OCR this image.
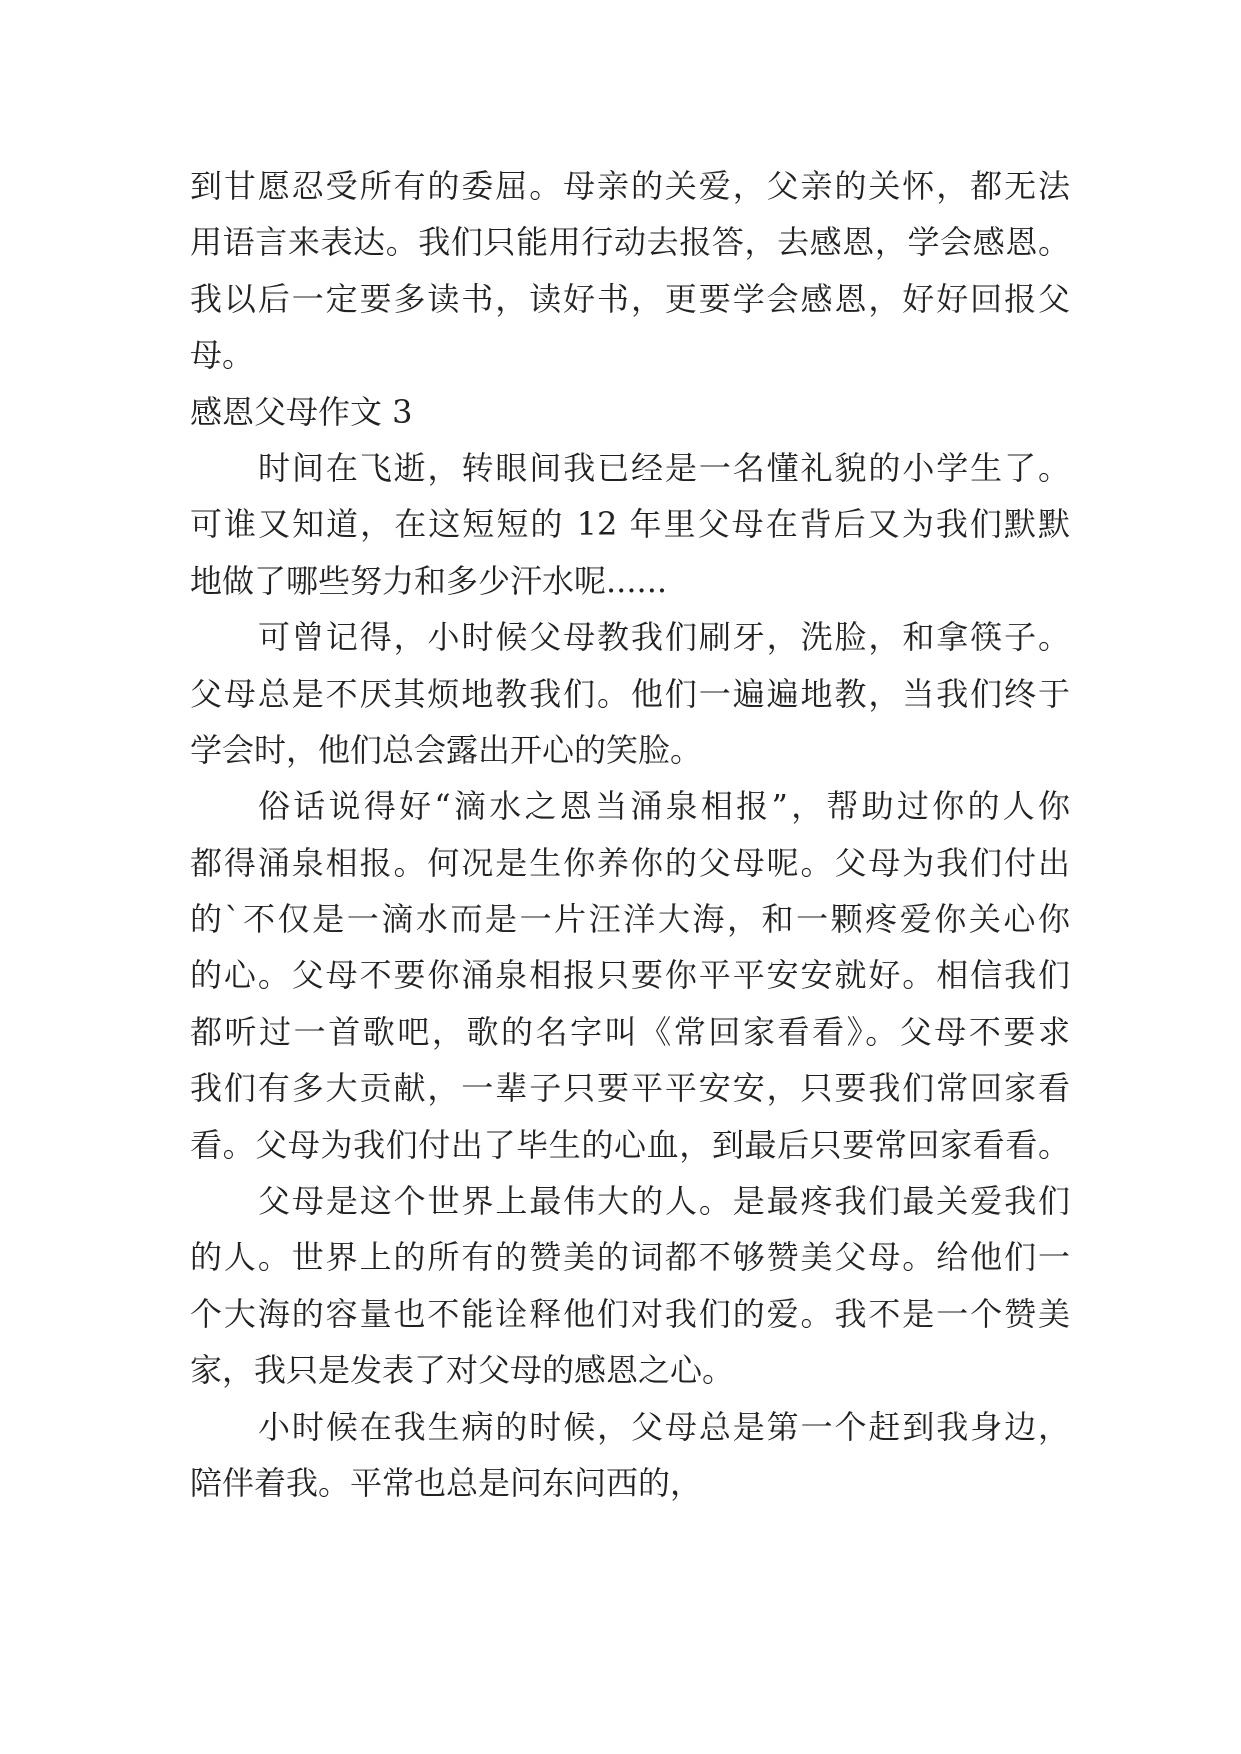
到甘愿忍受所有的委屈。母亲的关爱，父亲的关怀，都无法

用语言来表达。我们只能用行动去报答，去感恩，学会感恩。

我以后一定要多读书，读好书，更要学会感恩，好好回报父

母。

感恩父母作文 3

时间在飞逝，转眼间我已经是一名懂礼貌的小学生了。

可谁又知道，在这短短的 12 年里父母在背后又为我们默默

地做了哪些努力和多少汗水呢......

可曾记得，小时候父母教我们刷牙，洗脸，和拿筷子。

父母总是不厌其烦地教我们。他们一遍遍地教，当我们终于

学会时，他们总会露出开心的笑脸。

俗话说得好“滴水之恩当涌泉相报”，帮助过你的人你

都得涌泉相报。何况是生你养你的父母呢。父母为我们付出

的`不仅是一滴水而是一片汪洋大海，和一颗疼爱你关心你

的心。父母不要你涌泉相报只要你平平安安就好。相信我们

都听过一首歌吧，歌的名字叫《常回家看看》。父母不要求

我们有多大贡献，一辈子只要平平安安，只要我们常回家看

看。父母为我们付出了毕生的心血，到最后只要常回家看看。

父母是这个世界上最伟大的人。是最疼我们最关爱我们

的人。世界上的所有的赞美的词都不够赞美父母。给他们一

个大海的容量也不能诠释他们对我们的爱。我不是一个赞美

家，我只是发表了对父母的感恩之心。

小时候在我生病的时候，父母总是第一个赶到我身边，

陪伴着我。平常也总是问东问西的，
